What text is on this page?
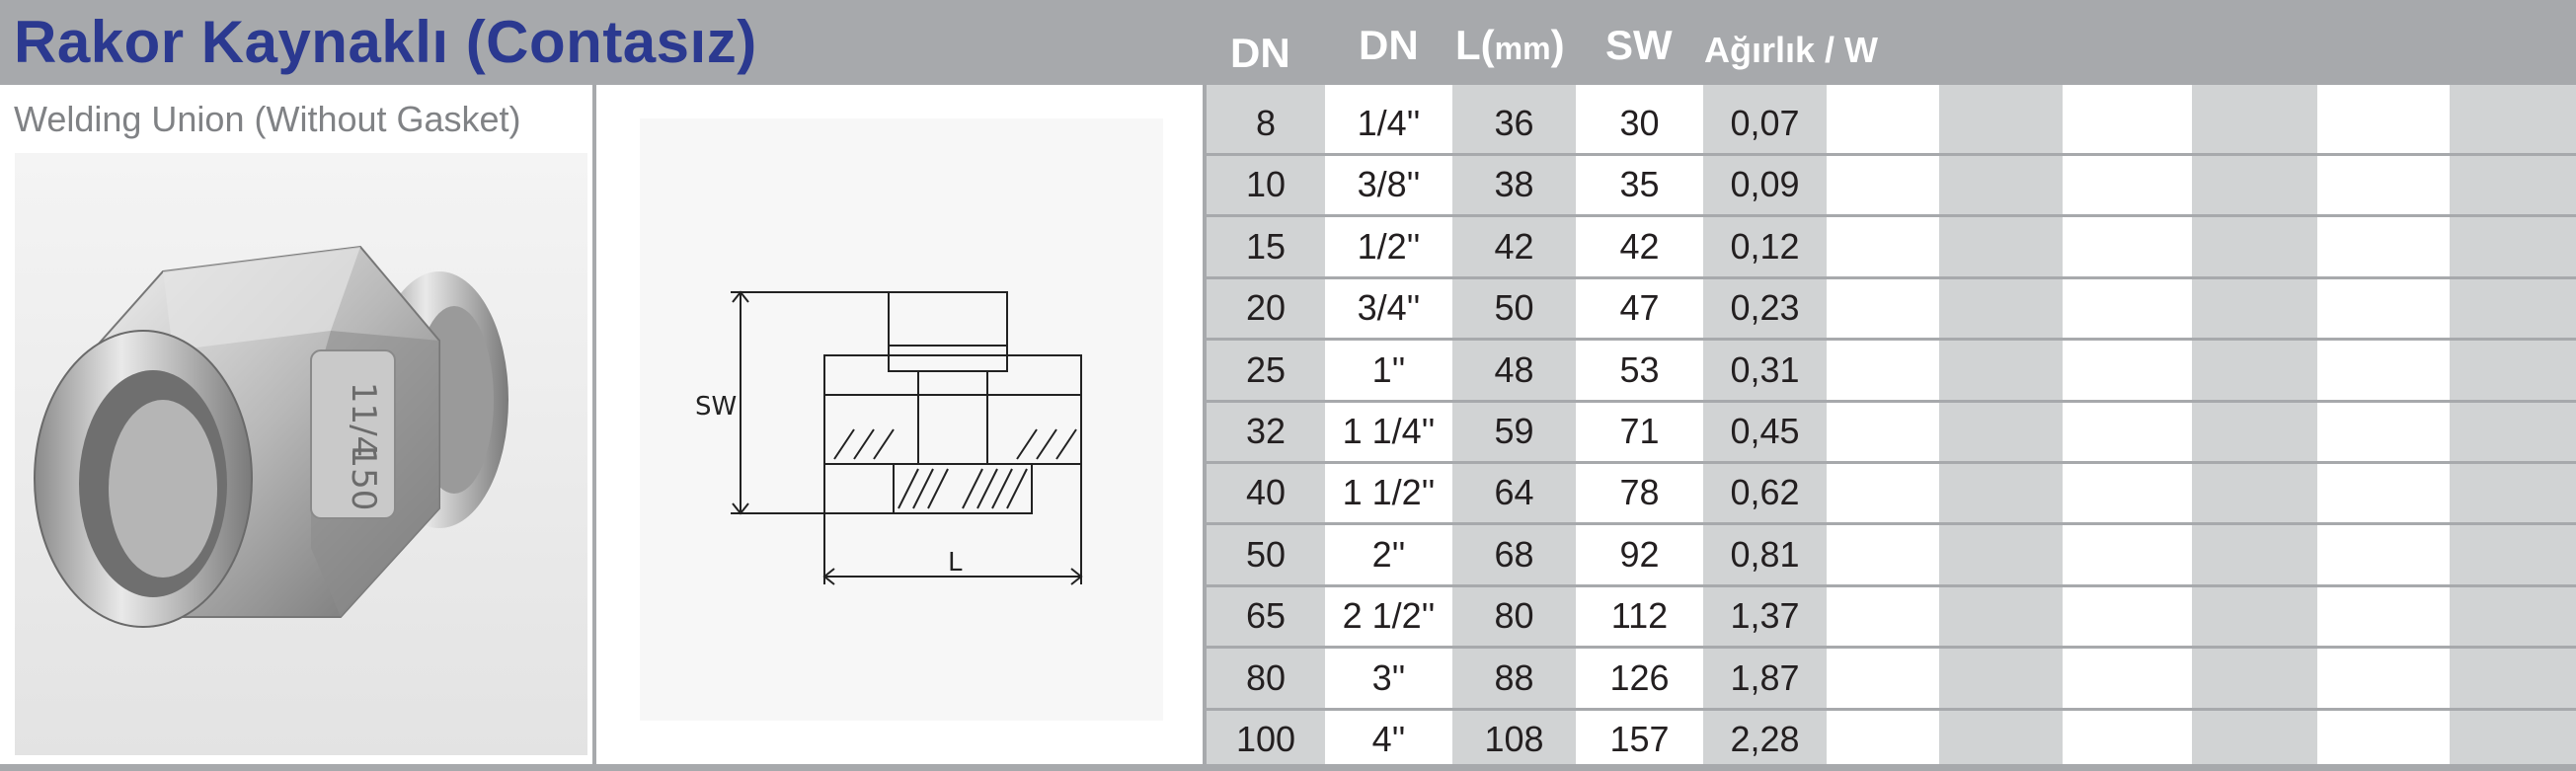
Rakor Kaynaklı (Contasız)
Welding Union (Without Gasket)
11/4
150
SW
L
DN DN L(mm) SW Ağırlık / W
8	1/4''	36	30	0,07
10	3/8''	38	35	0,09
15	1/2''	42	42	0,12
20	3/4''	50	47	0,23
25	1''	48	53	0,31
32	1 1/4''	59	71	0,45
40	1 1/2''	64	78	0,62
50	2''	68	92	0,81
65	2 1/2''	80	112	1,37
80	3''	88	126	1,87
100	4''	108	157	2,28
